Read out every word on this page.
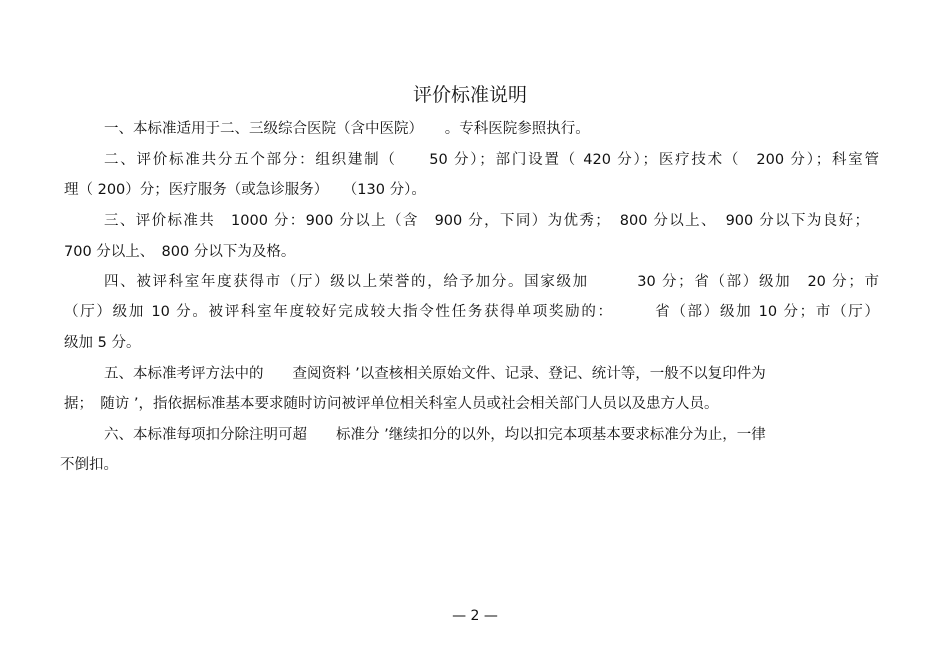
评价标准说明
一、本标准适用于二、三级综合医院（含中医院）　　。专科医院参照执行。
二、评价标准共分五个部分：组织建制（　　50 分）；部门设置（ 420 分）；医疗技术（　200 分）；科室管
理（ 200）分；医疗服务（或急诊服务）　　（130 分）。
三、评价标准共　1000 分：900 分以上（含　900 分，下同）为优秀；　800 分以上、　900 分以下为良好；
700 分以上、　800 分以下为及格。
四、被评科室年度获得市（厅）级以上荣誉的，给予加分。国家级加　　　30 分；省（部）级加　20 分；市
（厅）级加 10 分。被评科室年度较好完成较大指令性任务获得单项奖励的：　　　省（部）级加 10 分；市（厅）
级加 5 分。
五、本标准考评方法中的　　查阅资料 ’以查核相关原始文件、记录、登记、统计等，一般不以复印件为
据；　随访 ’，指依据标准基本要求随时访问被评单位相关科室人员或社会相关部门人员以及患方人员。
六、本标准每项扣分除注明可超　　标准分 ’继续扣分的以外，均以扣完本项基本要求标准分为止，一律
不倒扣。
— 2 —
